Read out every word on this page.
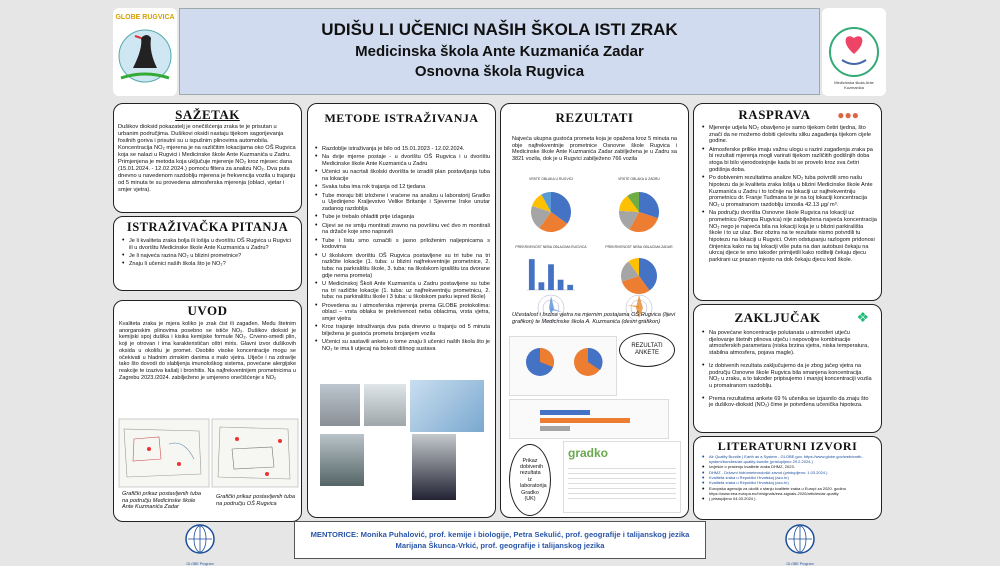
GLOBE RUGVICA
UDIŠU LI UČENICI NAŠIH ŠKOLA ISTI ZRAK
Medicinska škola Ante Kuzmanića Zadar
Osnovna škola Rugvica
Medicinska škola Ante Kuzmanića
SAŽETAK
Dušikov dioksid pokazatelj je onečišćenja zraka te je prisutan u urbanim područjima. Dušikovi oksidi nastaju tijekom sagorijevanja fosilnih goriva i prisutni su u ispušnim plinovima automobila. Koncentracija NO₂ mjerena je na različitim lokacijama oko OŠ Rugvica koja se nalazi u Rugvici i Medicinske škole Ante Kuzmanića u Zadru. Primjenjena je metoda koja uključuje mjerenje NO₂ kroz mjesec dana (15.01.2024. - 12.02.2024.) pomoću filtera za analizu NO₂. Dva puta dnevno u navedenom razdoblju mjerena je frekvencija vozila u trajanju od 5 minuta te su provedena atmosferska mjerenja (oblaci, vjetar i smjer vjetra).
ISTRAŽIVAČKA PITANJA
• Je li kvaliteta zraka bolja ili lošija u dvorištu OŠ Rugvica u Rugvici ili u dvorištu Medicinske škole Ante Kuzmanića u Zadru?
• Je li najveća razina NO₂ u blizini prometnice?
• Znaju li učenici naših škola što je NO₂?
UVOD
Kvaliteta zraka je mjera koliko je zrak čist ili zagađen. Među štetnim anorganskim plinovima posebno se ističe NO₂. Dušikov dioksid je kemijski spoj dušika i kisika kemijske formule NO₂. Crveno-smeđi plin, koji je otrovan i ima karakterističan oštri miris. Glavni izvor dušikovih oksida u okolišu je promet. Osobito visoke koncentracije mogu se očekivati u hladnim zimskim danima s malo vjetra. Utječe i na zdravlje tako što dovodi do slabljenja imunološkog sistema, povećane alergijske reakcije te izaziva kašalj i bronhitis. Na najfrekventnijem prometnicima u Zagrebu 2023./2024. zabilježeno je umjereno onečišćenje s NO₂
Grafički prikaz postavljenih tuba na području Medicinske škole Ante Kuzmanića Zadar
Grafički prikaz postavljenih tuba na području OŠ Rugvica
METODE ISTRAŽIVANJA
• Razdoblje istraživanja je bilo od 15.01.2023 - 12.02.2024.
• Na dvije mjerne postaje - u dvorištu OŠ Rugvica i u dvorištu Medicinske škole Ante Kuzmanića u Zadru
• Učenici su nacrtali školski dvorišta te izradili plan postavljanja tuba na lokacije
• Svaka tuba ima rok trajanja od 12 tjedana
• Tube moraju biti izložene i vraćene na analizu u laboratorij Gradko u Ujedinjeno Kraljevstvo Velike Britanije i Sjeverne Irske unutar zadanog razdoblja
• Tube je trebalo ohladiti prije izlaganja
• Cijevi se ne smiju montirati zravno na površinu već dvo m montirali na držače koje smo napravili
• Tube i listu smo označili s jasno priloženim naljepnicama s kodovima
• U školskom dvorištu OŠ Rugvica postavljene su tri tube na tri različite lokacije (1. tuba: u blizini najfrekventnije prometnice, 2. tuba: na parkralištu škole, 3. tuba: na školskom igralištu iza dvorane gdje nema prometa)
• U Medicinskoj Školi Ante Kuzmanića u Zadru postavljene su tube na tri različite lokacije (1. tuba: uz najfrekventniju prometnicu, 2. tuba: na parkiralištu škole i 3 tuba: u školskom parku iepred škole)
• Provedena su i atmosferska mjerenja prema GLOBE protokolima: oblaci – vrsta oblaka te prekrivenost neba oblacima, vrsta vjetra, smjer vjetra
• Kroz trajanje istraživanja dva puta dnevno u trajanju od 5 minuta bilježena je gustoća prometa brojanjem vozila
• Učenici su sastavili anketu o tome znaju li učenici naših škola što je NO₂ te ima li utjecaj na bolesti dišnog sustava
REZULTATI
Najveća ukupna gustoća prometa koja je opažena kroz 5 minuta na obje najfrekventnije prometnice Osnovne škole Rugvica i Medicinske škole Ante Kuzmanića Zadar zabilježena je u Zadru sa 3821 vozila, dok je u Rugvici zabilježeno 766 vozila
VRSTE OBLAKA U RUGVICI	VRSTE OBLAKA U ZADRU
PREKRIVENOST NEBA OBLACIMA RUGVICA	PREKRIVENOST NEBA OBLACIMA ZADAR
Učestalost i brzina vjetra na mjernim postajama OŠ Rugvica (lijevi grafikon) te Medicinske škola A. Kuzmanića (desni grafikon)
REZULTATI ANKETE
Prikaz dobivenih rezultata iz laboratorija Gradko (UK)
gradko
RASPRAVA	●●●
• Mjerenje udjela NO₂ obavljeno je samo tijekom četiri tjedna, što znači da ne možemo dobiti cjelovitu sliku zagađenja tijekom cijele godine.
• Atmosferske prilike imaju važnu ulogu u razini zagađenja zraka pa bi rezultati mjerenja mogli varirati tijekom različitih godišnjih doba stoga bi bilo vjerodostojnije kada bi se provelo kroz sva četiri godišnja doba.
• Po dobivenim rezultatima analize NO₂ tuba potvrdili smo našu hipotezu da je kvaliteta zraka lošija u blizini Medicinske škole Ante Kuzmanića u Zadru i to točnije na lokaciji uz najfrekventniju prometnicu dr. Franje Tuđmana te je na toj lokaciji koncentracija NO₂ u promatranom razdoblju iznosila 42.13 μg/ m³.
• Na području dvorišta Osnovne škole Rugvica na lokaciji uz prometnicu (Rampa Rugvica) nije zabilježena najveća koncentracija NO₂ nego je najveća bila na lokaciji koja je u blizini parkirališta škole i to uz ulaz. Bez obzira na te rezultate nismo potvrdili tu hipotezu na lokaciji u Rugvici. Ovim odstupanju razlogom pridonosi činjenica kako na taj lokaciji više puta na dan autobusi čekaju na ukrcaj djece te smo također primijetili kako roditelji čekaju djecu parkirani uz prazan mjesto na dok čekaju djecu kod škole.
ZAKLJUČAK	❖
• Na povećane koncentracije polutanata u atmosferi utječu djelovanje štetnih plinova utječu i nepovoljne kombinacije atmosferskih parametara (niska brzina vjetra, niska temperatura, stabilna atmosfera, pojava magle).
• Iz dobivenih rezultata zaključujemo da je zbog jačeg vjetra na području Osnovne škole Rugvica bila smanjena koncentracija NO₂ u zraku, a to također pripisujemo i manjoj koncentraciji vozila u promatranom razdoblju.
• Prema rezultatima ankete 69 % učenika se izjasnilo da znaju što je dušikov-dioksid (NO₂) čime je potvrđena učenička hipoteza.
LITERATURNI IZVORI
• Air Quality Bundle | Earth as a System - GLOBE.gov, https://www.globe.gov/web/earth-system/bundles/air-quality-bundle (pristupljeno 29.2.2024.)
• Izvješće o praćenju kvalitete zraka DHMZ, 2023.
• DHMZ - Državni hidrometeorološki zavod (pristupljeno: 1.03.2024.)
• Kvaliteta zraka u Republici Hrvatskoj (azo.hr)
• Kvaliteta zraka u Republici Hrvatskoj (azo.hr)
• Europska agencija za okoliš o stanju kvalitete zraka u Europi za 2020. godinu https://www.eea.europa.eu/hr/signals/eea-signals-2020/articles/air-quality
• ( pristupljeno 04.03.2024 )
GLOBE Program
MENTORICE: Monika Puhalović, prof. kemije i biologije, Petra Sekulić, prof. geografije i talijanskog jezika
Marijana Škunca-Vrkić, prof. geografije i talijanskog jezika
GLOBE Program
